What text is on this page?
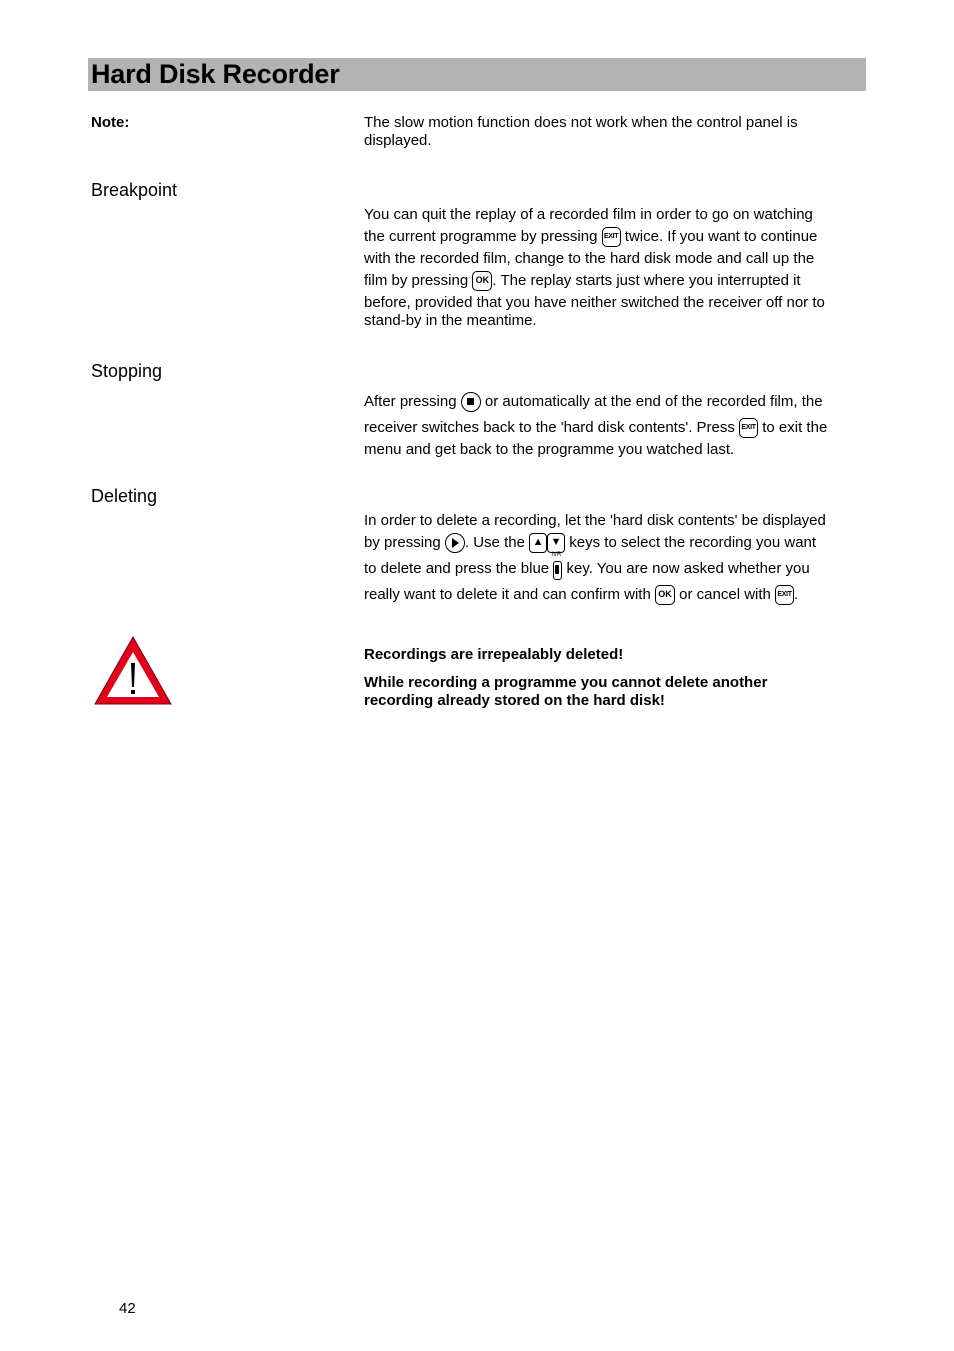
Hard Disk Recorder
Note:	The slow motion function does not work when the control panel is
displayed.
Breakpoint
You can quit the replay of a recorded film in order to go on watching
the current programme by pressing EXIT twice. If you want to continue
with the recorded film, change to the hard disk mode and call up the
film by pressing OK . The replay starts just where you interrupted it
before, provided that you have neither switched the receiver off nor to
stand-by in the meantime.
Stopping
After pressing or automatically at the end of the recorded film, the
receiver switches back to the 'hard disk contents'. Press EXIT to exit the
menu and get back to the programme you watched last.
Deleting
In order to delete a recording, let the 'hard disk contents' be displayed
by pressing . Use the ▲ ▼ keys to select the recording you want
to delete and press the blue
IVR
key. You are now asked whether you
really want to delete it and can confirm with OK or cancel with EXIT .
Recordings are irrepealably deleted!
While recording a programme you cannot delete another
recording already stored on the hard disk!
42
